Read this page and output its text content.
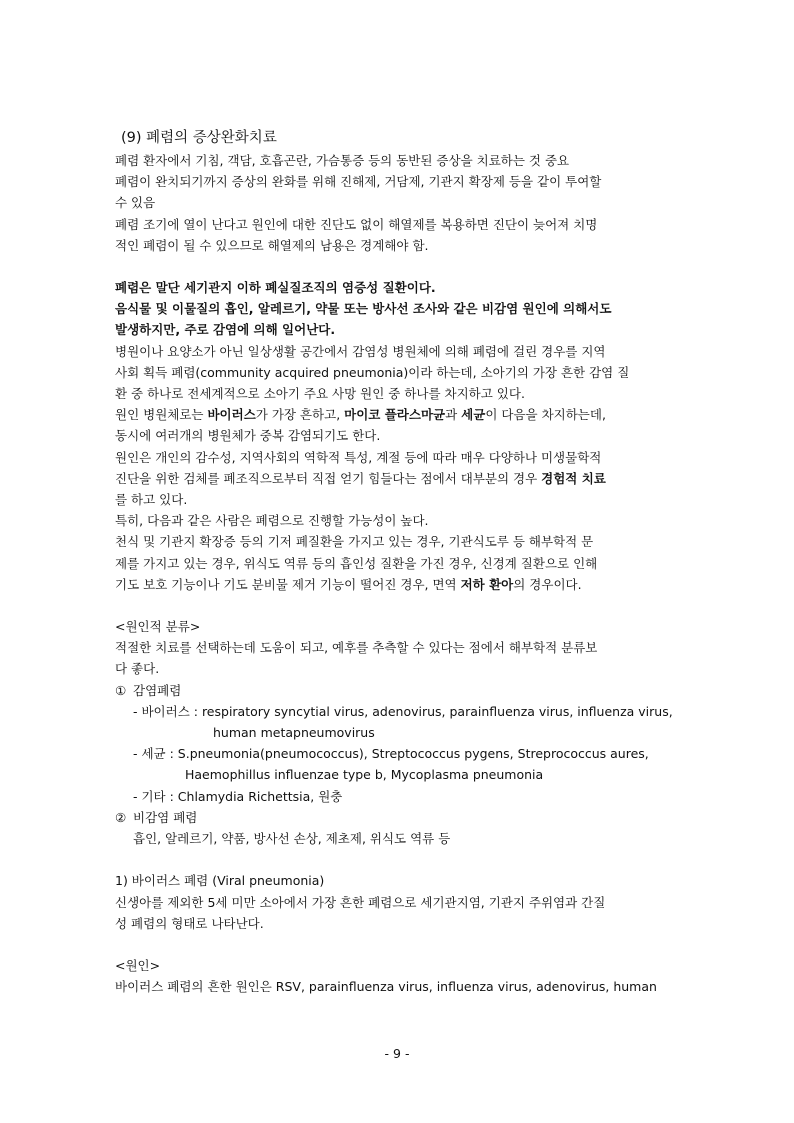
(9) 폐렴의 증상완화치료

폐렴 환자에서 기침, 객담, 호흡곤란, 가슴통증 등의 동반된 증상을 치료하는 것 중요

폐렴이 완치되기까지 증상의 완화를 위해 진해제, 거담제, 기관지 확장제 등을 같이 투여할

수 있음

폐렴 조기에 열이 난다고 원인에 대한 진단도 없이 해열제를 복용하면 진단이 늦어져 치명

적인 폐렴이 될 수 있으므로 해열제의 남용은 경계해야 함.

폐렴은 말단 세기관지 이하 폐실질조직의 염증성 질환이다.

음식물 및 이물질의 흡인, 알레르기, 약물 또는 방사선 조사와 같은 비감염 원인에 의해서도

발생하지만, 주로 감염에 의해 일어난다.

병원이나 요양소가 아닌 일상생활 공간에서 감염성 병원체에 의해 폐렴에 걸린 경우를 지역

사회 획득 폐렴(community acquired pneumonia)이라 하는데, 소아기의 가장 흔한 감염 질

환 중 하나로 전세계적으로 소아기 주요 사망 원인 중 하나를 차지하고 있다.

원인 병원체로는 바이러스가 가장 흔하고, 마이코 플라스마균과 세균이 다음을 차지하는데,

동시에 여러개의 병원체가 중복 감염되기도 한다.

원인은 개인의 감수성, 지역사회의 역학적 특성, 계절 등에 따라 매우 다양하나 미생물학적

진단을 위한 검체를 폐조직으로부터 직접 얻기 힘들다는 점에서 대부분의 경우 경험적 치료

를 하고 있다.

특히, 다음과 같은 사람은 폐렴으로 진행할 가능성이 높다.

천식 및 기관지 확장증 등의 기저 폐질환을 가지고 있는 경우, 기관식도루 등 해부학적 문

제를 가지고 있는 경우, 위식도 역류 등의 흡인성 질환을 가진 경우, 신경계 질환으로 인해

기도 보호 기능이나 기도 분비물 제거 기능이 떨어진 경우, 면역 저하 환아의 경우이다.

<원인적 분류>

적절한 치료를 선택하는데 도움이 되고, 예후를 추측할 수 있다는 점에서 해부학적 분류보

다 좋다.

① 감염폐렴

- 바이러스 : respiratory syncytial virus, adenovirus, parainfluenza virus, influenza virus,

human metapneumovirus

- 세균 : S.pneumonia(pneumococcus), Streptococcus pygens, Streprococcus aures,

Haemophillus influenzae type b, Mycoplasma pneumonia

- 기타 : Chlamydia Richettsia, 원충

② 비감염 폐렴

흡인, 알레르기, 약품, 방사선 손상, 제초제, 위식도 역류 등

1) 바이러스 폐렴 (Viral pneumonia)

신생아를 제외한 5세 미만 소아에서 가장 흔한 폐렴으로 세기관지염, 기관지 주위염과 간질

성 폐렴의 형태로 나타난다.

<원인>

바이러스 폐렴의 흔한 원인은 RSV, parainfluenza virus, influenza virus, adenovirus, human

- 9 -
